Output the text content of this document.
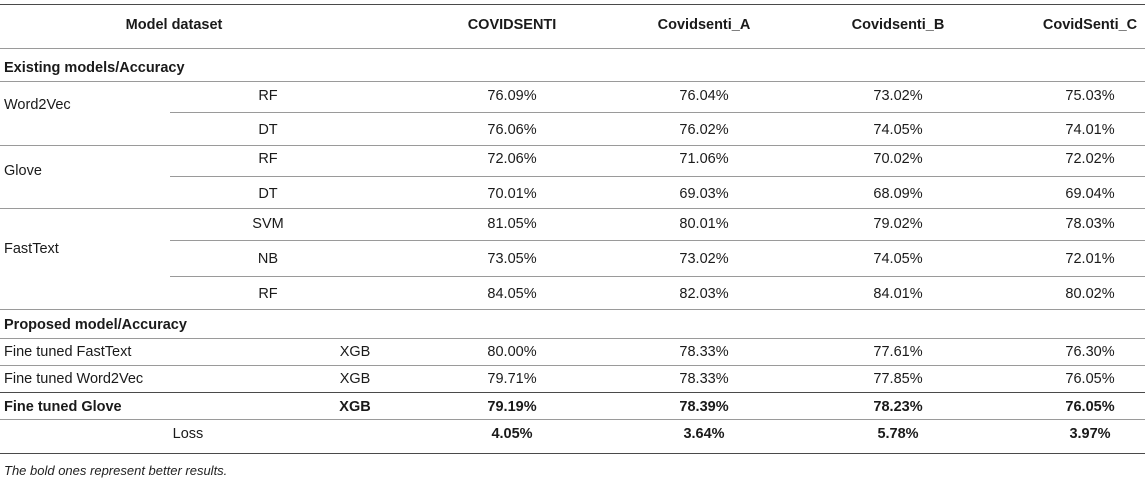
Model dataset	COVIDSENTI	Covidsenti_A	Covidsenti_B	CovidSenti_C
Existing models/Accuracy
Word2Vec
RF	76.09%	76.04%	73.02%	75.03%
DT	76.06%	76.02%	74.05%	74.01%
Glove
RF	72.06%	71.06%	70.02%	72.02%
DT	70.01%	69.03%	68.09%	69.04%
FastText
SVM	81.05%	80.01%	79.02%	78.03%
NB	73.05%	73.02%	74.05%	72.01%
RF	84.05%	82.03%	84.01%	80.02%
Proposed model/Accuracy
Fine tuned FastText	XGB	80.00%	78.33%	77.61%	76.30%
Fine tuned Word2Vec	XGB	79.71%	78.33%	77.85%	76.05%
Fine tuned Glove	XGB	79.19%	78.39%	78.23%	76.05%
Loss	4.05%	3.64%	5.78%	3.97%
The bold ones represent better results.
